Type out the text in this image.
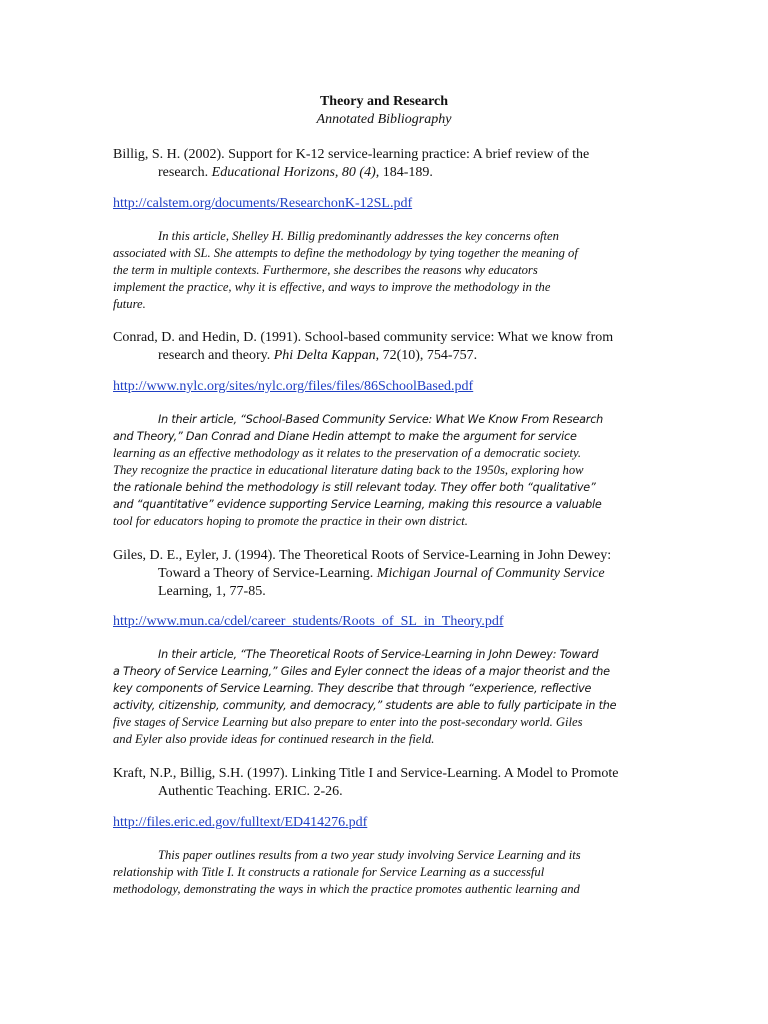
Theory and Research
Annotated Bibliography
Billig, S. H. (2002). Support for K-12 service-learning practice: A brief review of the
research. Educational Horizons, 80 (4), 184-189.
http://calstem.org/documents/ResearchonK-12SL.pdf
In this article, Shelley H. Billig predominantly addresses the key concerns often
associated with SL. She attempts to define the methodology by tying together the meaning of
the term in multiple contexts. Furthermore, she describes the reasons why educators
implement the practice, why it is effective, and ways to improve the methodology in the
future.
Conrad, D. and Hedin, D. (1991). School-based community service: What we know from
research and theory. Phi Delta Kappan, 72(10), 754-757.
http://www.nylc.org/sites/nylc.org/files/files/86SchoolBased.pdf
In their article, “School-Based Community Service: What We Know From Research
and Theory,” Dan Conrad and Diane Hedin attempt to make the argument for service
learning as an effective methodology as it relates to the preservation of a democratic society.
They recognize the practice in educational literature dating back to the 1950s, exploring how
the rationale behind the methodology is still relevant today. They offer both “qualitative”
and “quantitative” evidence supporting Service Learning, making this resource a valuable
tool for educators hoping to promote the practice in their own district.
Giles, D. E., Eyler, J. (1994). The Theoretical Roots of Service-Learning in John Dewey:
Toward a Theory of Service-Learning. Michigan Journal of Community Service
Learning, 1, 77-85.
http://www.mun.ca/cdel/career_students/Roots_of_SL_in_Theory.pdf
In their article, “The Theoretical Roots of Service-Learning in John Dewey: Toward
a Theory of Service Learning,” Giles and Eyler connect the ideas of a major theorist and the
key components of Service Learning. They describe that through “experience, reflective
activity, citizenship, community, and democracy,” students are able to fully participate in the
five stages of Service Learning but also prepare to enter into the post-secondary world. Giles
and Eyler also provide ideas for continued research in the field.
Kraft, N.P., Billig, S.H. (1997). Linking Title I and Service-Learning. A Model to Promote
Authentic Teaching. ERIC. 2-26.
http://files.eric.ed.gov/fulltext/ED414276.pdf
This paper outlines results from a two year study involving Service Learning and its
relationship with Title I. It constructs a rationale for Service Learning as a successful
methodology, demonstrating the ways in which the practice promotes authentic learning and
